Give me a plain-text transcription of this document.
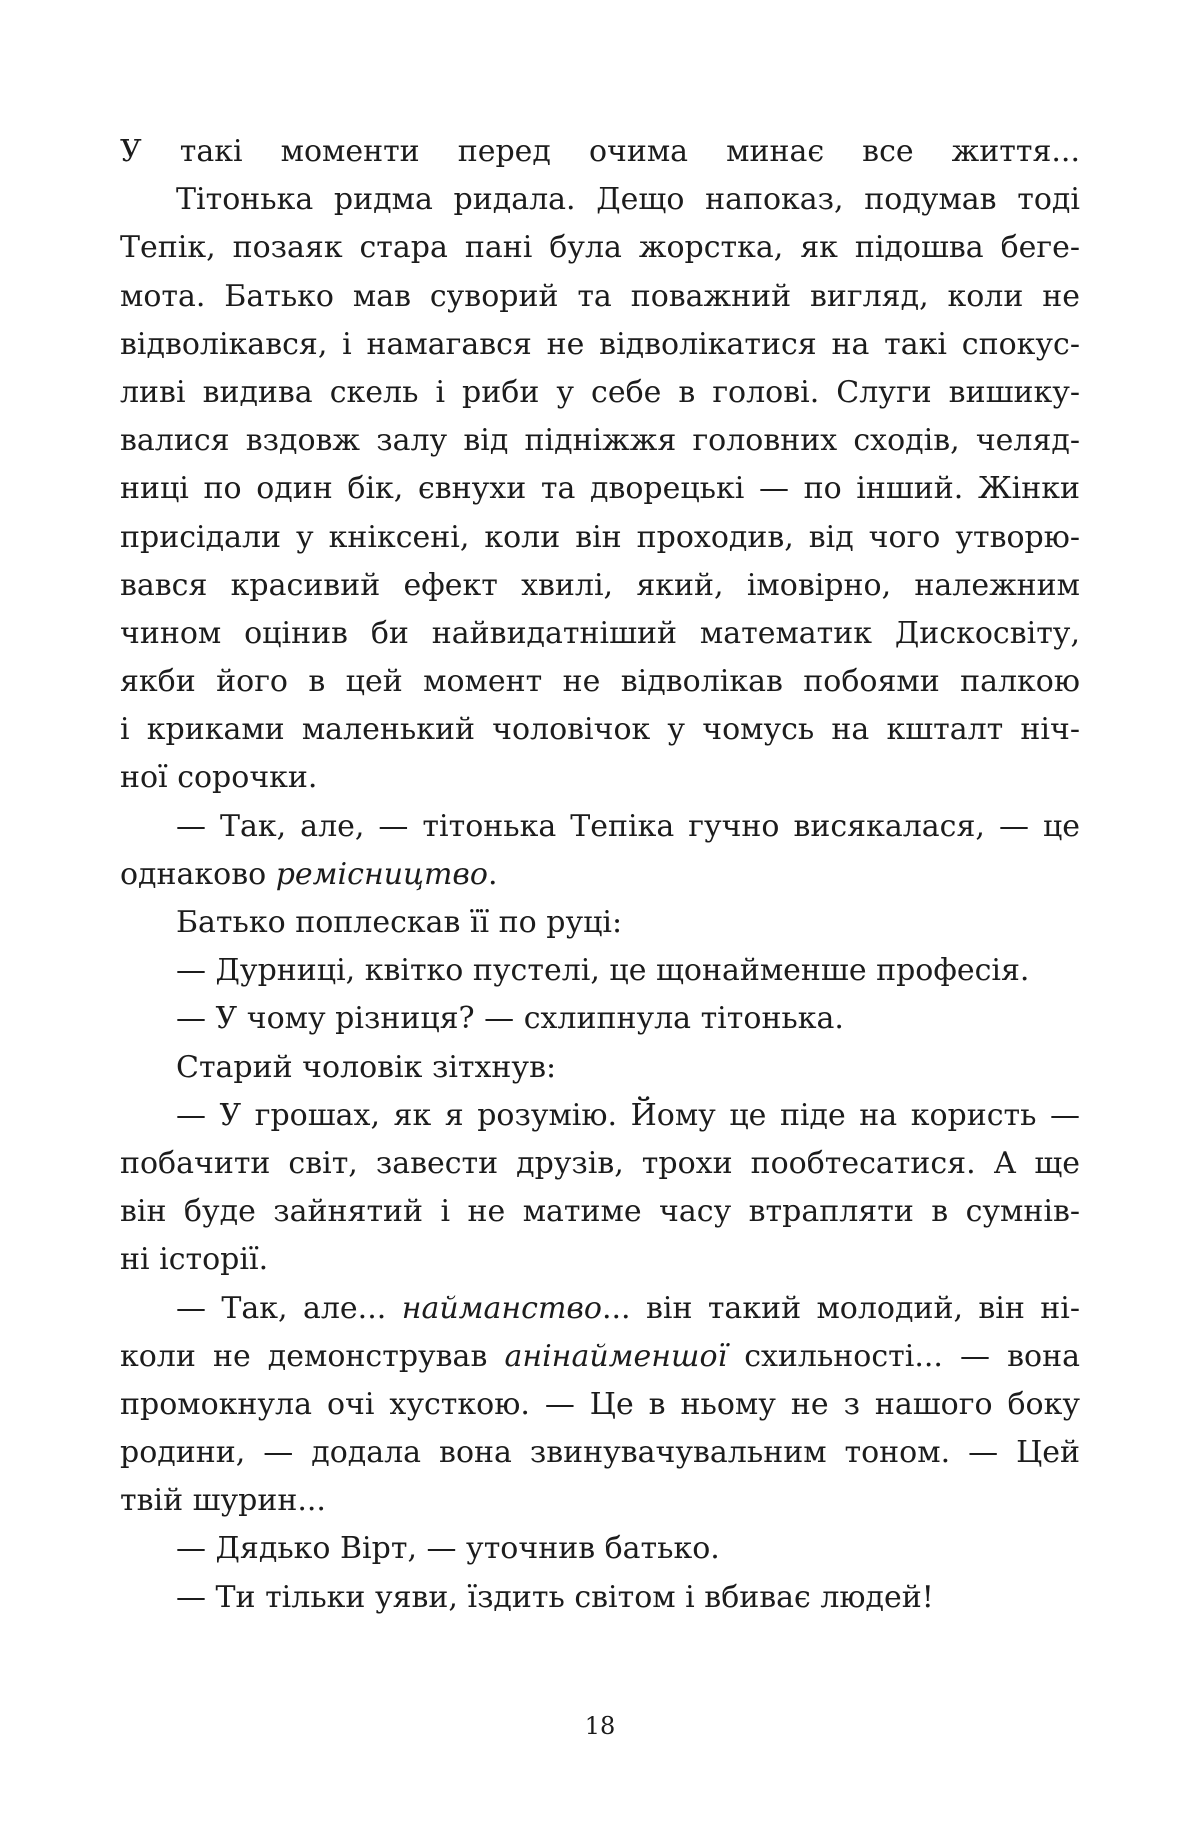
У такі моменти перед очима минає все життя...
Тітонька ридма ридала. Дещо напоказ, подумав тоді
Тепік, позаяк стара пані була жорстка, як підошва беге-
мота. Батько мав суворий та поважний вигляд, коли не
відволікався, і намагався не відволікатися на такі спокус-
ливі видива скель і риби у себе в голові. Слуги вишику-
валися вздовж залу від підніжжя головних сходів, челяд-
ниці по один бік, євнухи та дворецькі — по інший. Жінки
присідали у кніксені, коли він проходив, від чого утворю-
вався красивий ефект хвилі, який, імовірно, належним
чином оцінив би найвидатніший математик Дискосвіту,
якби його в цей момент не відволікав побоями палкою
і криками маленький чоловічок у чомусь на кшталт ніч-
ної сорочки.
— Так, але, — тітонька Тепіка гучно висякалася, — це
однаково ремісництво.
Батько поплескав її по руці:
— Дурниці, квітко пустелі, це щонайменше професія.
— У чому різниця? — схлипнула тітонька.
Старий чоловік зітхнув:
— У грошах, як я розумію. Йому це піде на користь —
побачити світ, завести друзів, трохи пообтесатися. А ще
він буде зайнятий і не матиме часу втрапляти в сумнів-
ні історії.
— Так, але... найманство... він такий молодий, він ні-
коли не демонстрував анінайменшої схильності... — вона
промокнула очі хусткою. — Це в ньому не з нашого боку
родини, — додала вона звинувачувальним тоном. — Цей
твій шурин...
— Дядько Вірт, — уточнив батько.
— Ти тільки уяви, їздить світом і вбиває людей!
18
